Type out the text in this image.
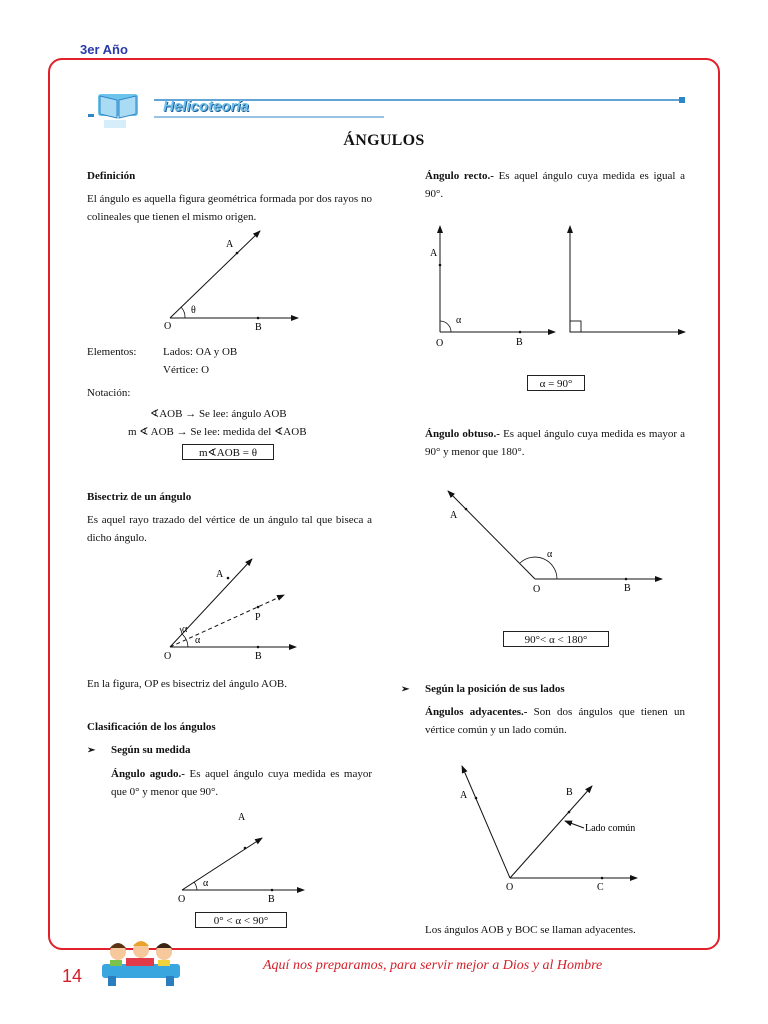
3er Año
Helicoteoría
ÁNGULOS
Definición
El ángulo es aquella figura geométrica formada por dos rayos no colineales que tienen el mismo origen.
A
O	B
θ
Elementos: Lados: OA y OB
Vértice: O
Notación:
∢AOB → Se lee: ángulo AOB
m ∢ AOB → Se lee: medida del ∢AOB
m∢AOB = θ
Bisectriz de un ángulo
Es aquel rayo trazado del vértice de un ángulo tal que biseca a dicho ángulo.
A
P
O	B
α
α
En la figura, OP es bisectriz del ángulo AOB.
Clasificación de los ángulos
➢ Según su medida
Ángulo agudo.- Es aquel ángulo cuya medida es mayor que 0° y menor que 90°.
A
O	B
α
0° < α < 90°
Ángulo recto.- Es aquel ángulo cuya medida es igual a 90°.
A
O	B
α
α = 90°
Ángulo obtuso.- Es aquel ángulo cuya medida es mayor a 90° y menor que 180°.
A
O	B
α
90°< α < 180°
➢ Según la posición de sus lados
Ángulos adyacentes.- Son dos ángulos que tienen un vértice común y un lado común.
A	B
O	C
Lado común
Los ángulos AOB y BOC se llaman adyacentes.
14
Aquí nos preparamos, para servir mejor a Dios y al Hombre
